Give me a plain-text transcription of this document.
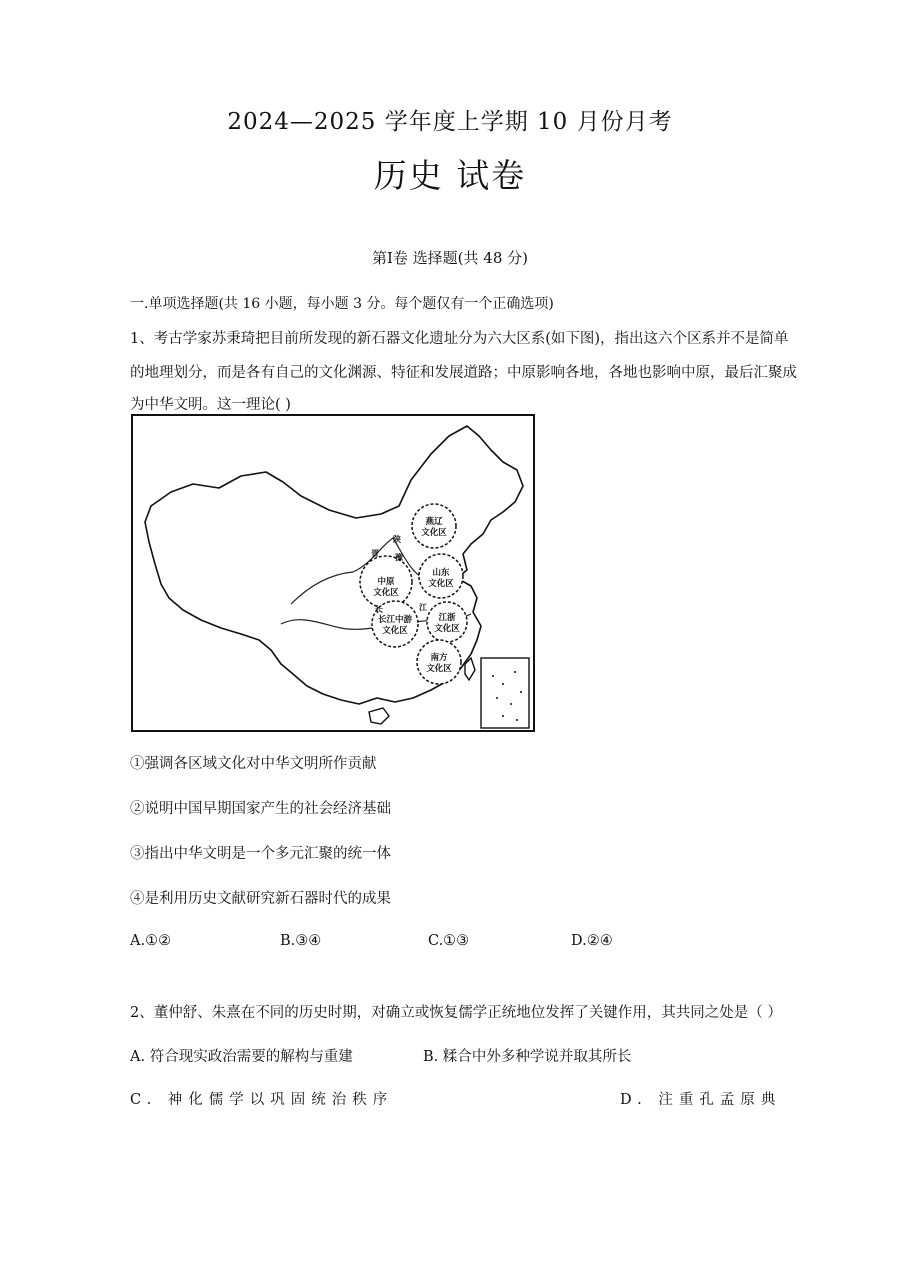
2024—2025 学年度上学期 10 月份月考
历史 试卷
第Ⅰ卷 选择题(共 48 分)
一.单项选择题(共 16 小题，每小题 3 分。每个题仅有一个正确选项)
1、考古学家苏秉琦把目前所发现的新石器文化遗址分为六大区系(如下图)，指出这六个区系并不是简单
的地理划分，而是各有自己的文化渊源、特征和发展道路；中原影响各地，各地也影响中原，最后汇聚成
为中华文明。这一理论( )
燕辽
文化区
中原
文化区
山东
文化区
长江中游
文化区
江浙
文化区
南方
文化区
陕
豫
晋
长	江
①强调各区域文化对中华文明所作贡献
②说明中国早期国家产生的社会经济基础
③指出中华文明是一个多元汇聚的统一体
④是利用历史文献研究新石器时代的成果
A.①②	B.③④	C.①③	D.②④
2、董仲舒、朱熹在不同的历史时期，对确立或恢复儒学正统地位发挥了关键作用，其共同之处是（ ）
A. 符合现实政治需要的解构与重建	B. 糅合中外多种学说并取其所长
C. 神化儒学以巩固统治秩序	D. 注重孔孟原典
